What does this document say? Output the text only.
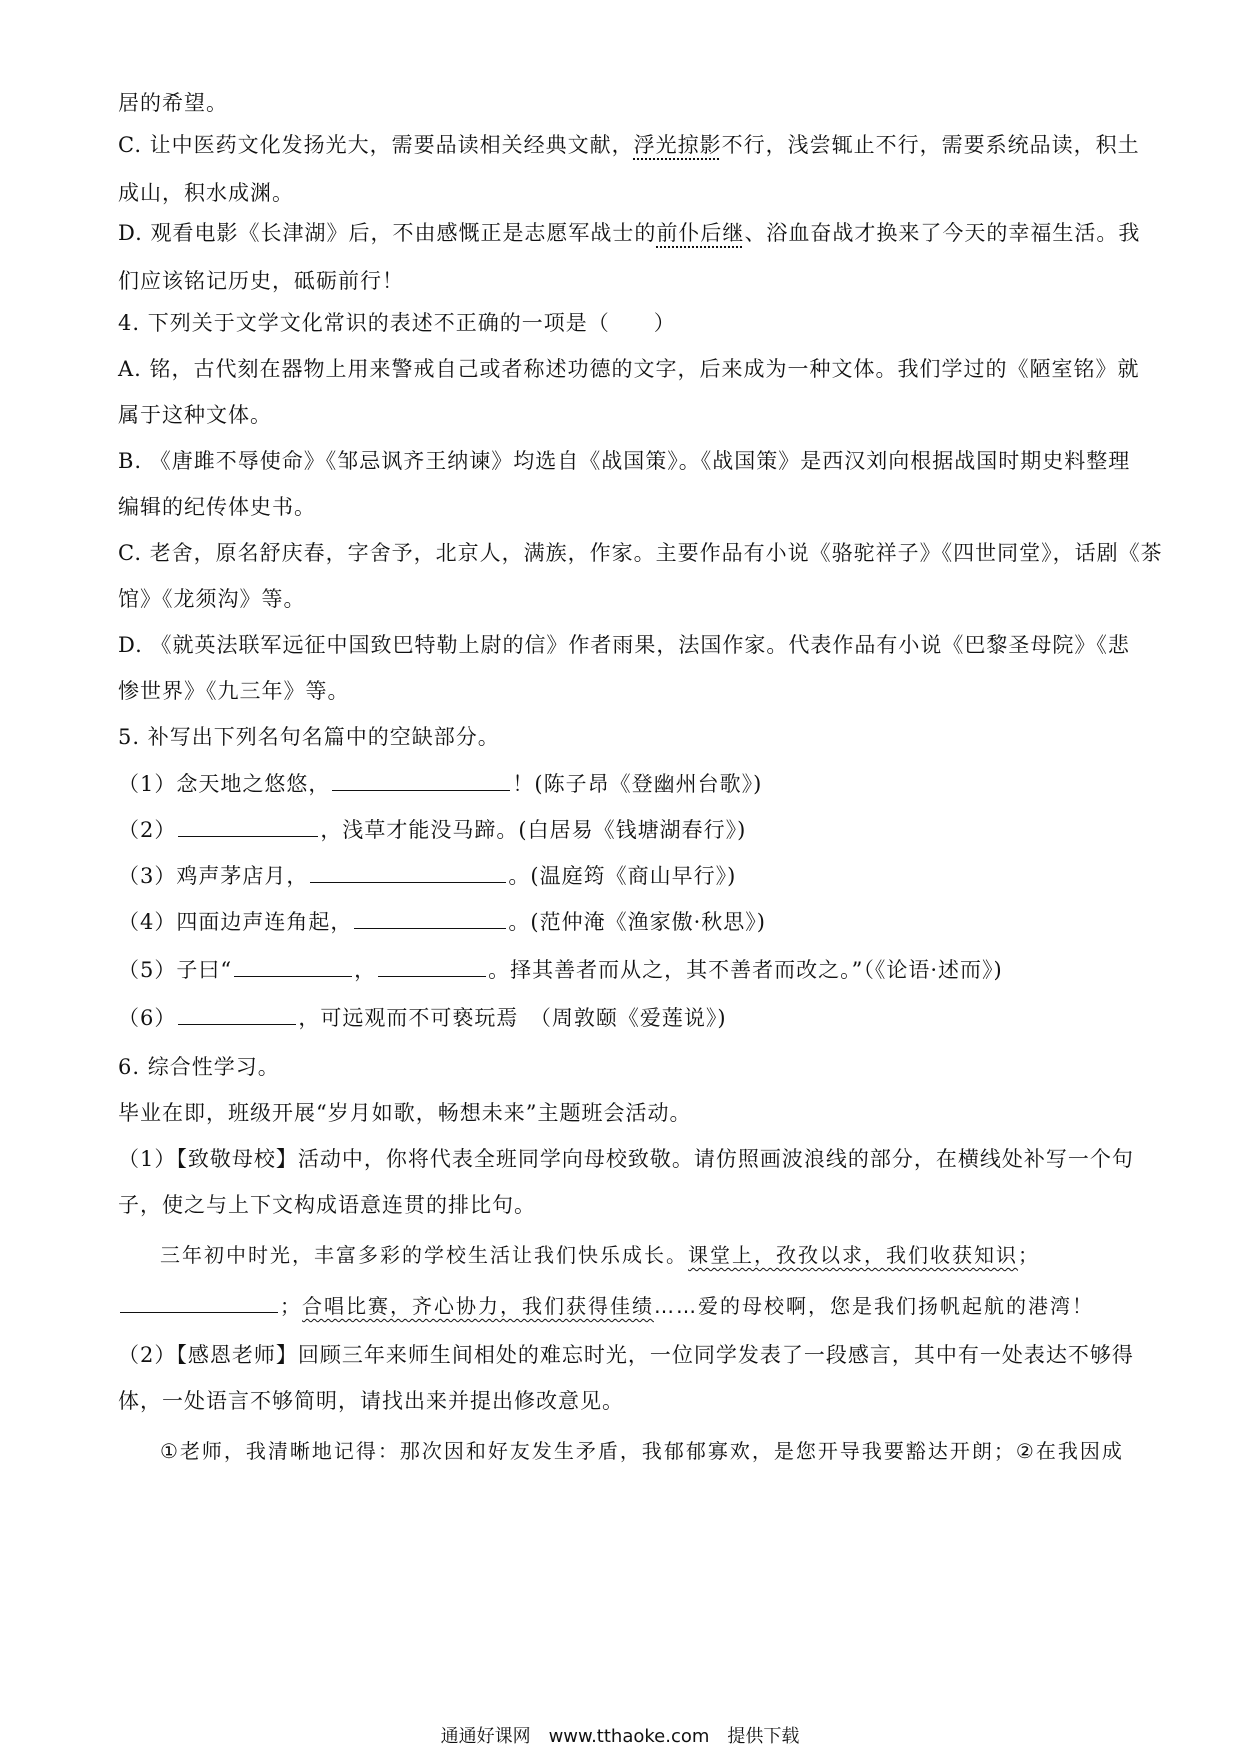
居的希望。
C. 让中医药文化发扬光大，需要品读相关经典文献，浮光掠影不行，浅尝辄止不行，需要系统品读，积土
成山，积水成渊。
D. 观看电影《长津湖》后，不由感慨正是志愿军战士的前仆后继、浴血奋战才换来了今天的幸福生活。我
们应该铭记历史，砥砺前行！
4. 下列关于文学文化常识的表述不正确的一项是（　　）
A. 铭，古代刻在器物上用来警戒自己或者称述功德的文字，后来成为一种文体。我们学过的《陋室铭》就
属于这种文体。
B. 《唐雎不辱使命》《邹忌讽齐王纳谏》均选自《战国策》。《战国策》是西汉刘向根据战国时期史料整理
编辑的纪传体史书。
C. 老舍，原名舒庆春，字舍予，北京人，满族，作家。主要作品有小说《骆驼祥子》《四世同堂》，话剧《茶
馆》《龙须沟》等。
D. 《就英法联军远征中国致巴特勒上尉的信》作者雨果，法国作家。代表作品有小说《巴黎圣母院》《悲
惨世界》《九三年》等。
5. 补写出下列名句名篇中的空缺部分。
（1）念天地之悠悠，	！(陈子昂《登幽州台歌》)
（2）	，浅草才能没马蹄。(白居易《钱塘湖春行》)
（3）鸡声茅店月，	。(温庭筠《商山早行》)
（4）四面边声连角起，	。(范仲淹《渔家傲·秋思》)
（5）子曰“	，	。择其善者而从之，其不善者而改之。”（《论语·述而》)
（6）	，可远观而不可亵玩焉　（周敦颐《爱莲说》)
6. 综合性学习。
毕业在即，班级开展“岁月如歌，畅想未来”主题班会活动。
（1）【致敬母校】活动中，你将代表全班同学向母校致敬。请仿照画波浪线的部分，在横线处补写一个句
子，使之与上下文构成语意连贯的排比句。
三年初中时光，丰富多彩的学校生活让我们快乐成长。课堂上，孜孜以求，我们收获知识；
；合唱比赛，齐心协力，我们获得佳绩……爱的母校啊，您是我们扬帆起航的港湾！
（2）【感恩老师】回顾三年来师生间相处的难忘时光，一位同学发表了一段感言，其中有一处表达不够得
体，一处语言不够简明，请找出来并提出修改意见。
①老师，我清晰地记得：那次因和好友发生矛盾，我郁郁寡欢，是您开导我要豁达开朗；②在我因成
通通好课网　www.tthaoke.com　提供下载
